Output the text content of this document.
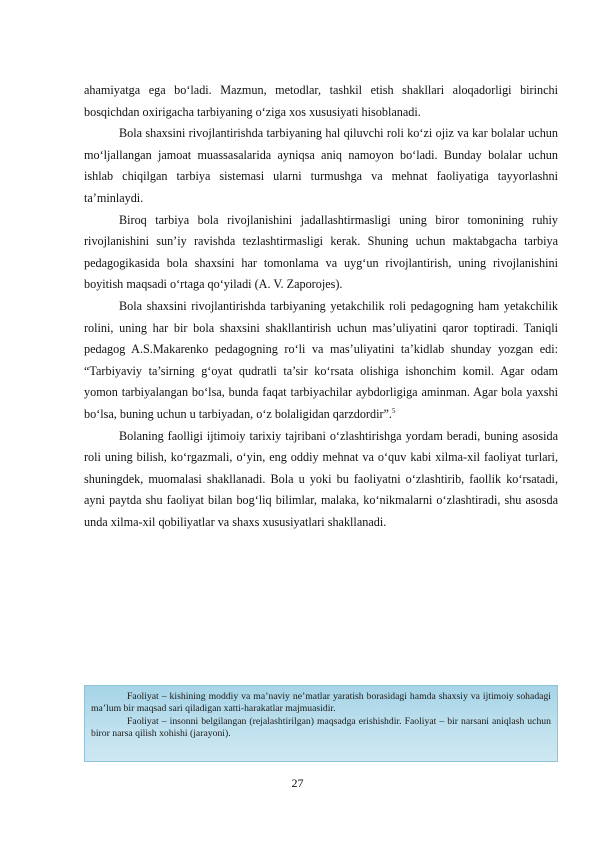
ahamiyatga ega bo‘ladi. Mazmun, metodlar, tashkil etish shakllari aloqadorligi birinchi bosqichdan oxirigacha tarbiyaning o‘ziga xos xususiyati hisoblanadi.

Bola shaxsini rivojlantirishda tarbiyaning hal qiluvchi roli ko‘zi ojiz va kar bolalar uchun mo‘ljallangan jamoat muassasalarida ayniqsa aniq namoyon bo‘ladi. Bunday bolalar uchun ishlab chiqilgan tarbiya sistemasi ularni turmushga va mehnat faoliyatiga tayyorlashni ta’minlaydi.

Biroq tarbiya bola rivojlanishini jadallashtirmasligi uning biror tomonining ruhiy rivojlanishini sun’iy ravishda tezlashtirmasligi kerak. Shuning uchun maktabgacha tarbiya pedagogikasida bola shaxsini har tomonlama va uyg‘un rivojlantirish, uning rivojlanishini boyitish maqsadi o‘rtaga qo‘yiladi (A. V. Zaporojes).

Bola shaxsini rivojlantirishda tarbiyaning yetakchilik roli pedagogning ham yetakchilik rolini, uning har bir bola shaxsini shakllantirish uchun mas’uliyatini qaror toptiradi. Taniqli pedagog A.S.Makarenko pedagogning ro‘li va mas’uliyatini ta’kidlab shunday yozgan edi: “Tarbiyaviy ta’sirning g‘oyat qudratli ta’sir ko‘rsata olishiga ishonchim komil. Agar odam yomon tarbiyalangan bo‘lsa, bunda faqat tarbiyachilar aybdorligiga aminman. Agar bola yaxshi bo‘lsa, buning uchun u tarbiyadan, o‘z bolaligidan qarzdordir”.$^5$

Bolaning faolligi ijtimoiy tarixiy tajribani o‘zlashtirishga yordam beradi, buning asosida roli uning bilish, ko‘rgazmali, o‘yin, eng oddiy mehnat va o‘quv kabi xilma-xil faoliyat turlari, shuningdek, muomalasi shakllanadi. Bola u yoki bu faoliyatni o‘zlashtirib, faollik ko‘rsatadi, ayni paytda shu faoliyat bilan bog‘liq bilimlar, malaka, ko‘nikmalarni o‘zlashtiradi, shu asosda unda xilma-xil qobiliyatlar va shaxs xususiyatlari shakllanadi.

Faoliyat – kishining moddiy va ma’naviy ne’matlar yaratish borasidagi hamda shaxsiy va ijtimoiy sohadagi ma’lum bir maqsad sari qiladigan xatti-harakatlar majmuasidir.

Faoliyat – insonni belgilangan (rejalashtirilgan) maqsadga erishishdir. Faoliyat – bir narsani aniqlash uchun biror narsa qilish xohishi (jarayoni).

27
